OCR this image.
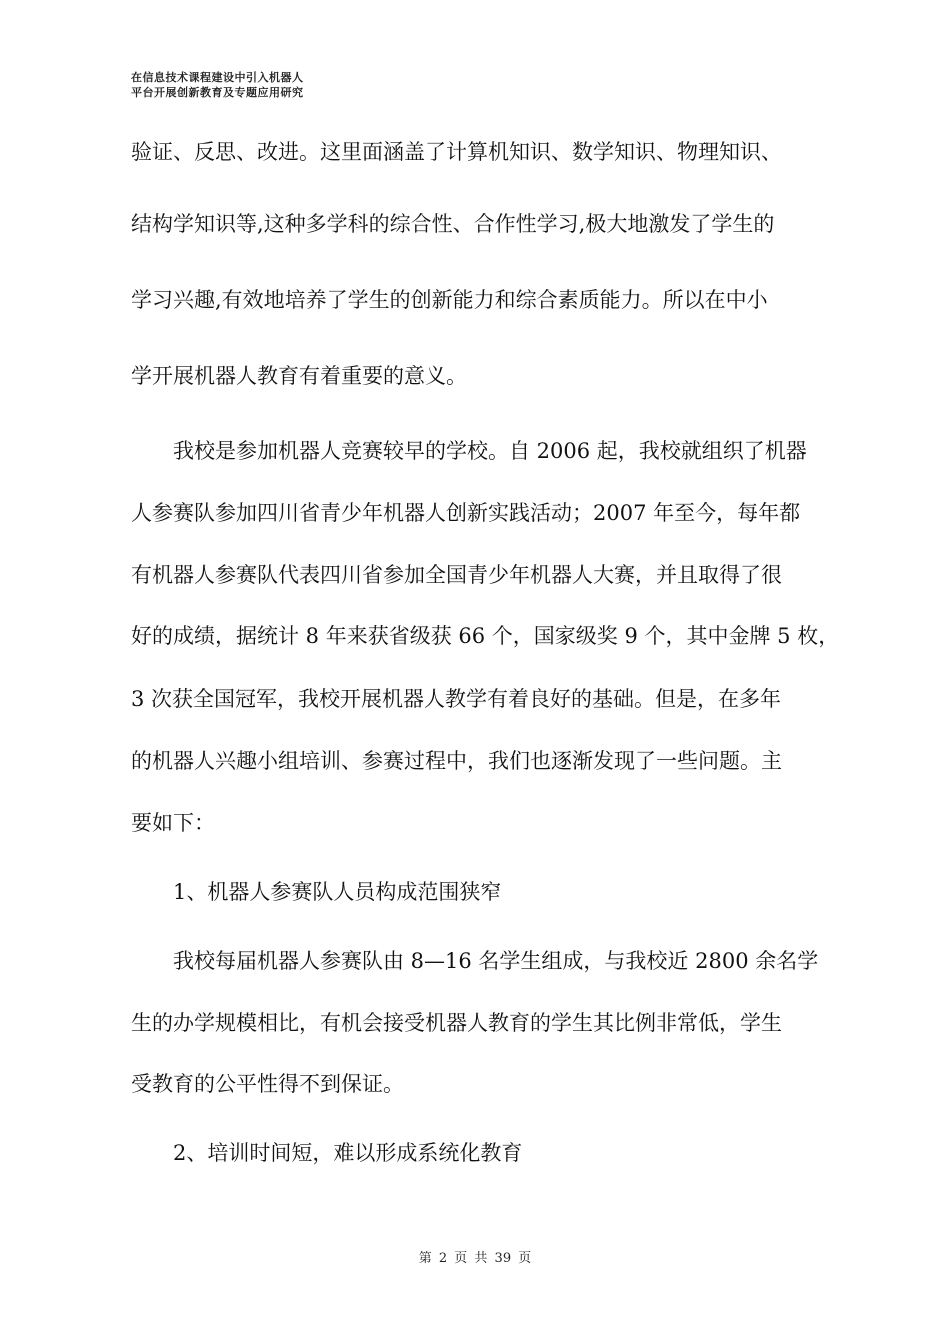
在信息技术课程建设中引入机器人
平台开展创新教育及专题应用研究
验证、反思、改进。这里面涵盖了计算机知识、数学知识、物理知识、
结构学知识等,这种多学科的综合性、合作性学习,极大地激发了学生的
学习兴趣,有效地培养了学生的创新能力和综合素质能力。所以在中小
学开展机器人教育有着重要的意义。
我校是参加机器人竞赛较早的学校。自 2006 起，我校就组织了机器
人参赛队参加四川省青少年机器人创新实践活动；2007 年至今，每年都
有机器人参赛队代表四川省参加全国青少年机器人大赛，并且取得了很
好的成绩，据统计 8 年来获省级获 66 个，国家级奖 9 个，其中金牌 5 枚，
3 次获全国冠军，我校开展机器人教学有着良好的基础。但是，在多年
的机器人兴趣小组培训、参赛过程中，我们也逐渐发现了一些问题。主
要如下：
1、机器人参赛队人员构成范围狭窄
我校每届机器人参赛队由 8—16 名学生组成，与我校近 2800 余名学
生的办学规模相比，有机会接受机器人教育的学生其比例非常低，学生
受教育的公平性得不到保证。
2、培训时间短，难以形成系统化教育
第 2 页 共 39 页
